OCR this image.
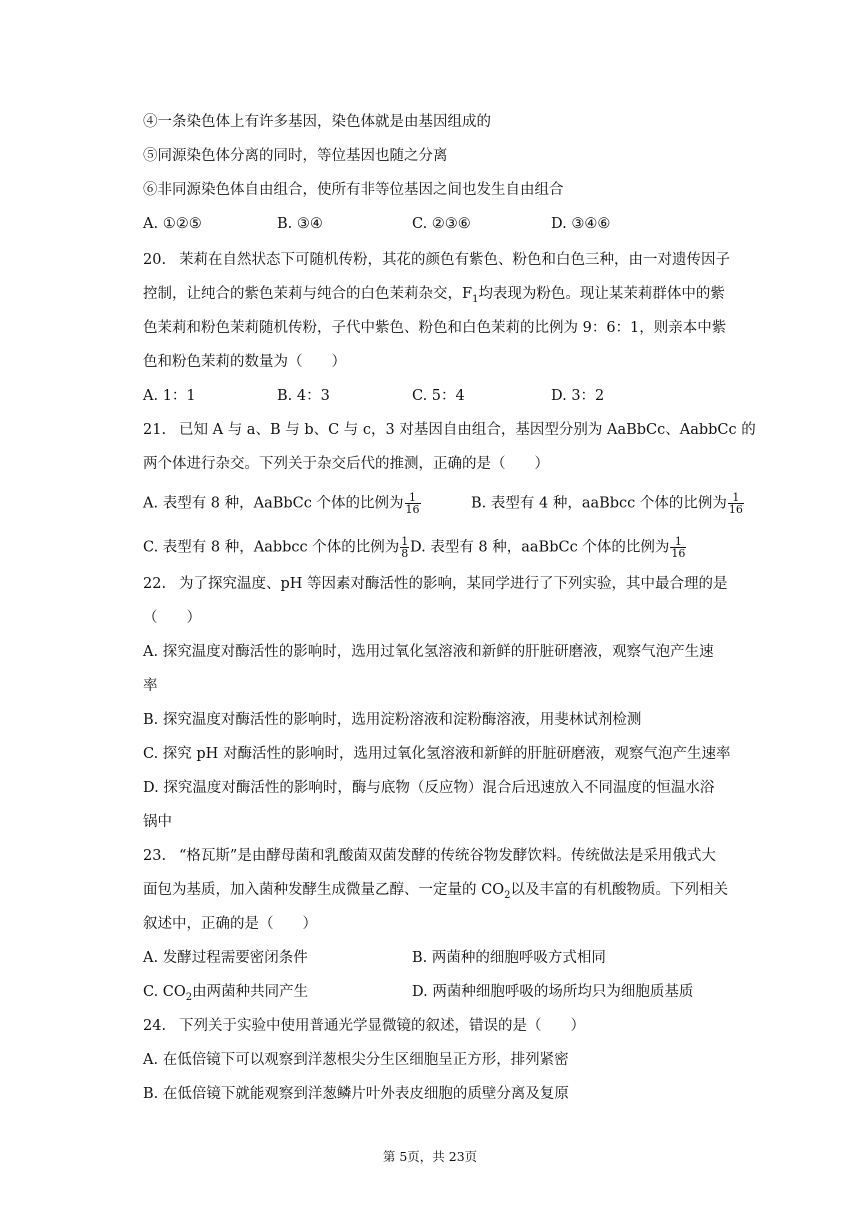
④一条染色体上有许多基因，染色体就是由基因组成的
⑤同源染色体分离的同时，等位基因也随之分离
⑥非同源染色体自由组合，使所有非等位基因之间也发生自由组合
A. ①②⑤	B. ③④	C. ②③⑥	D. ③④⑥
20. 茉莉在自然状态下可随机传粉，其花的颜色有紫色、粉色和白色三种，由一对遗传因子
控制，让纯合的紫色茉莉与纯合的白色茉莉杂交，$F_1$均表现为粉色。现让某茉莉群体中的紫
色茉莉和粉色茉莉随机传粉，子代中紫色、粉色和白色茉莉的比例为 9：6：1，则亲本中紫
色和粉色茉莉的数量为（　　）
A. 1：1	B. 4：3	C. 5：4	D. 3：2
21. 已知 A 与 a、B 与 b、C 与 c，3 对基因自由组合，基因型分别为 AaBbCc、AabbCc 的
两个体进行杂交。下列关于杂交后代的推测，正确的是（　　）
A. 表型有 8 种，AaBbCc 个体的比例为 $\frac{1}{16}$	B. 表型有 4 种，aaBbcc 个体的比例为 $\frac{1}{16}$
C. 表型有 8 种，Aabbcc 个体的比例为 $\frac{1}{8} D$. 表型有 8 种，aaBbCc 个体的比例为 $\frac{1}{16}$
22. 为了探究温度、pH 等因素对酶活性的影响，某同学进行了下列实验，其中最合理的是
（　　）
A. 探究温度对酶活性的影响时，选用过氧化氢溶液和新鲜的肝脏研磨液，观察气泡产生速
率
B. 探究温度对酶活性的影响时，选用淀粉溶液和淀粉酶溶液，用斐林试剂检测
C. 探究 pH 对酶活性的影响时，选用过氧化氢溶液和新鲜的肝脏研磨液，观察气泡产生速率
D. 探究温度对酶活性的影响时，酶与底物（反应物）混合后迅速放入不同温度的恒温水浴
锅中
23. “格瓦斯”是由酵母菌和乳酸菌双菌发酵的传统谷物发酵饮料。传统做法是采用俄式大
面包为基质，加入菌种发酵生成微量乙醇、一定量的 $CO_2$以及丰富的有机酸物质。下列相关
叙述中，正确的是（　　）
A. 发酵过程需要密闭条件	B. 两菌种的细胞呼吸方式相同
C. $CO_2$由两菌种共同产生	D. 两菌种细胞呼吸的场所均只为细胞质基质
24. 下列关于实验中使用普通光学显微镜的叙述，错误的是（　　）
A. 在低倍镜下可以观察到洋葱根尖分生区细胞呈正方形，排列紧密
B. 在低倍镜下就能观察到洋葱鳞片叶外表皮细胞的质壁分离及复原
第 5页，共 23页
